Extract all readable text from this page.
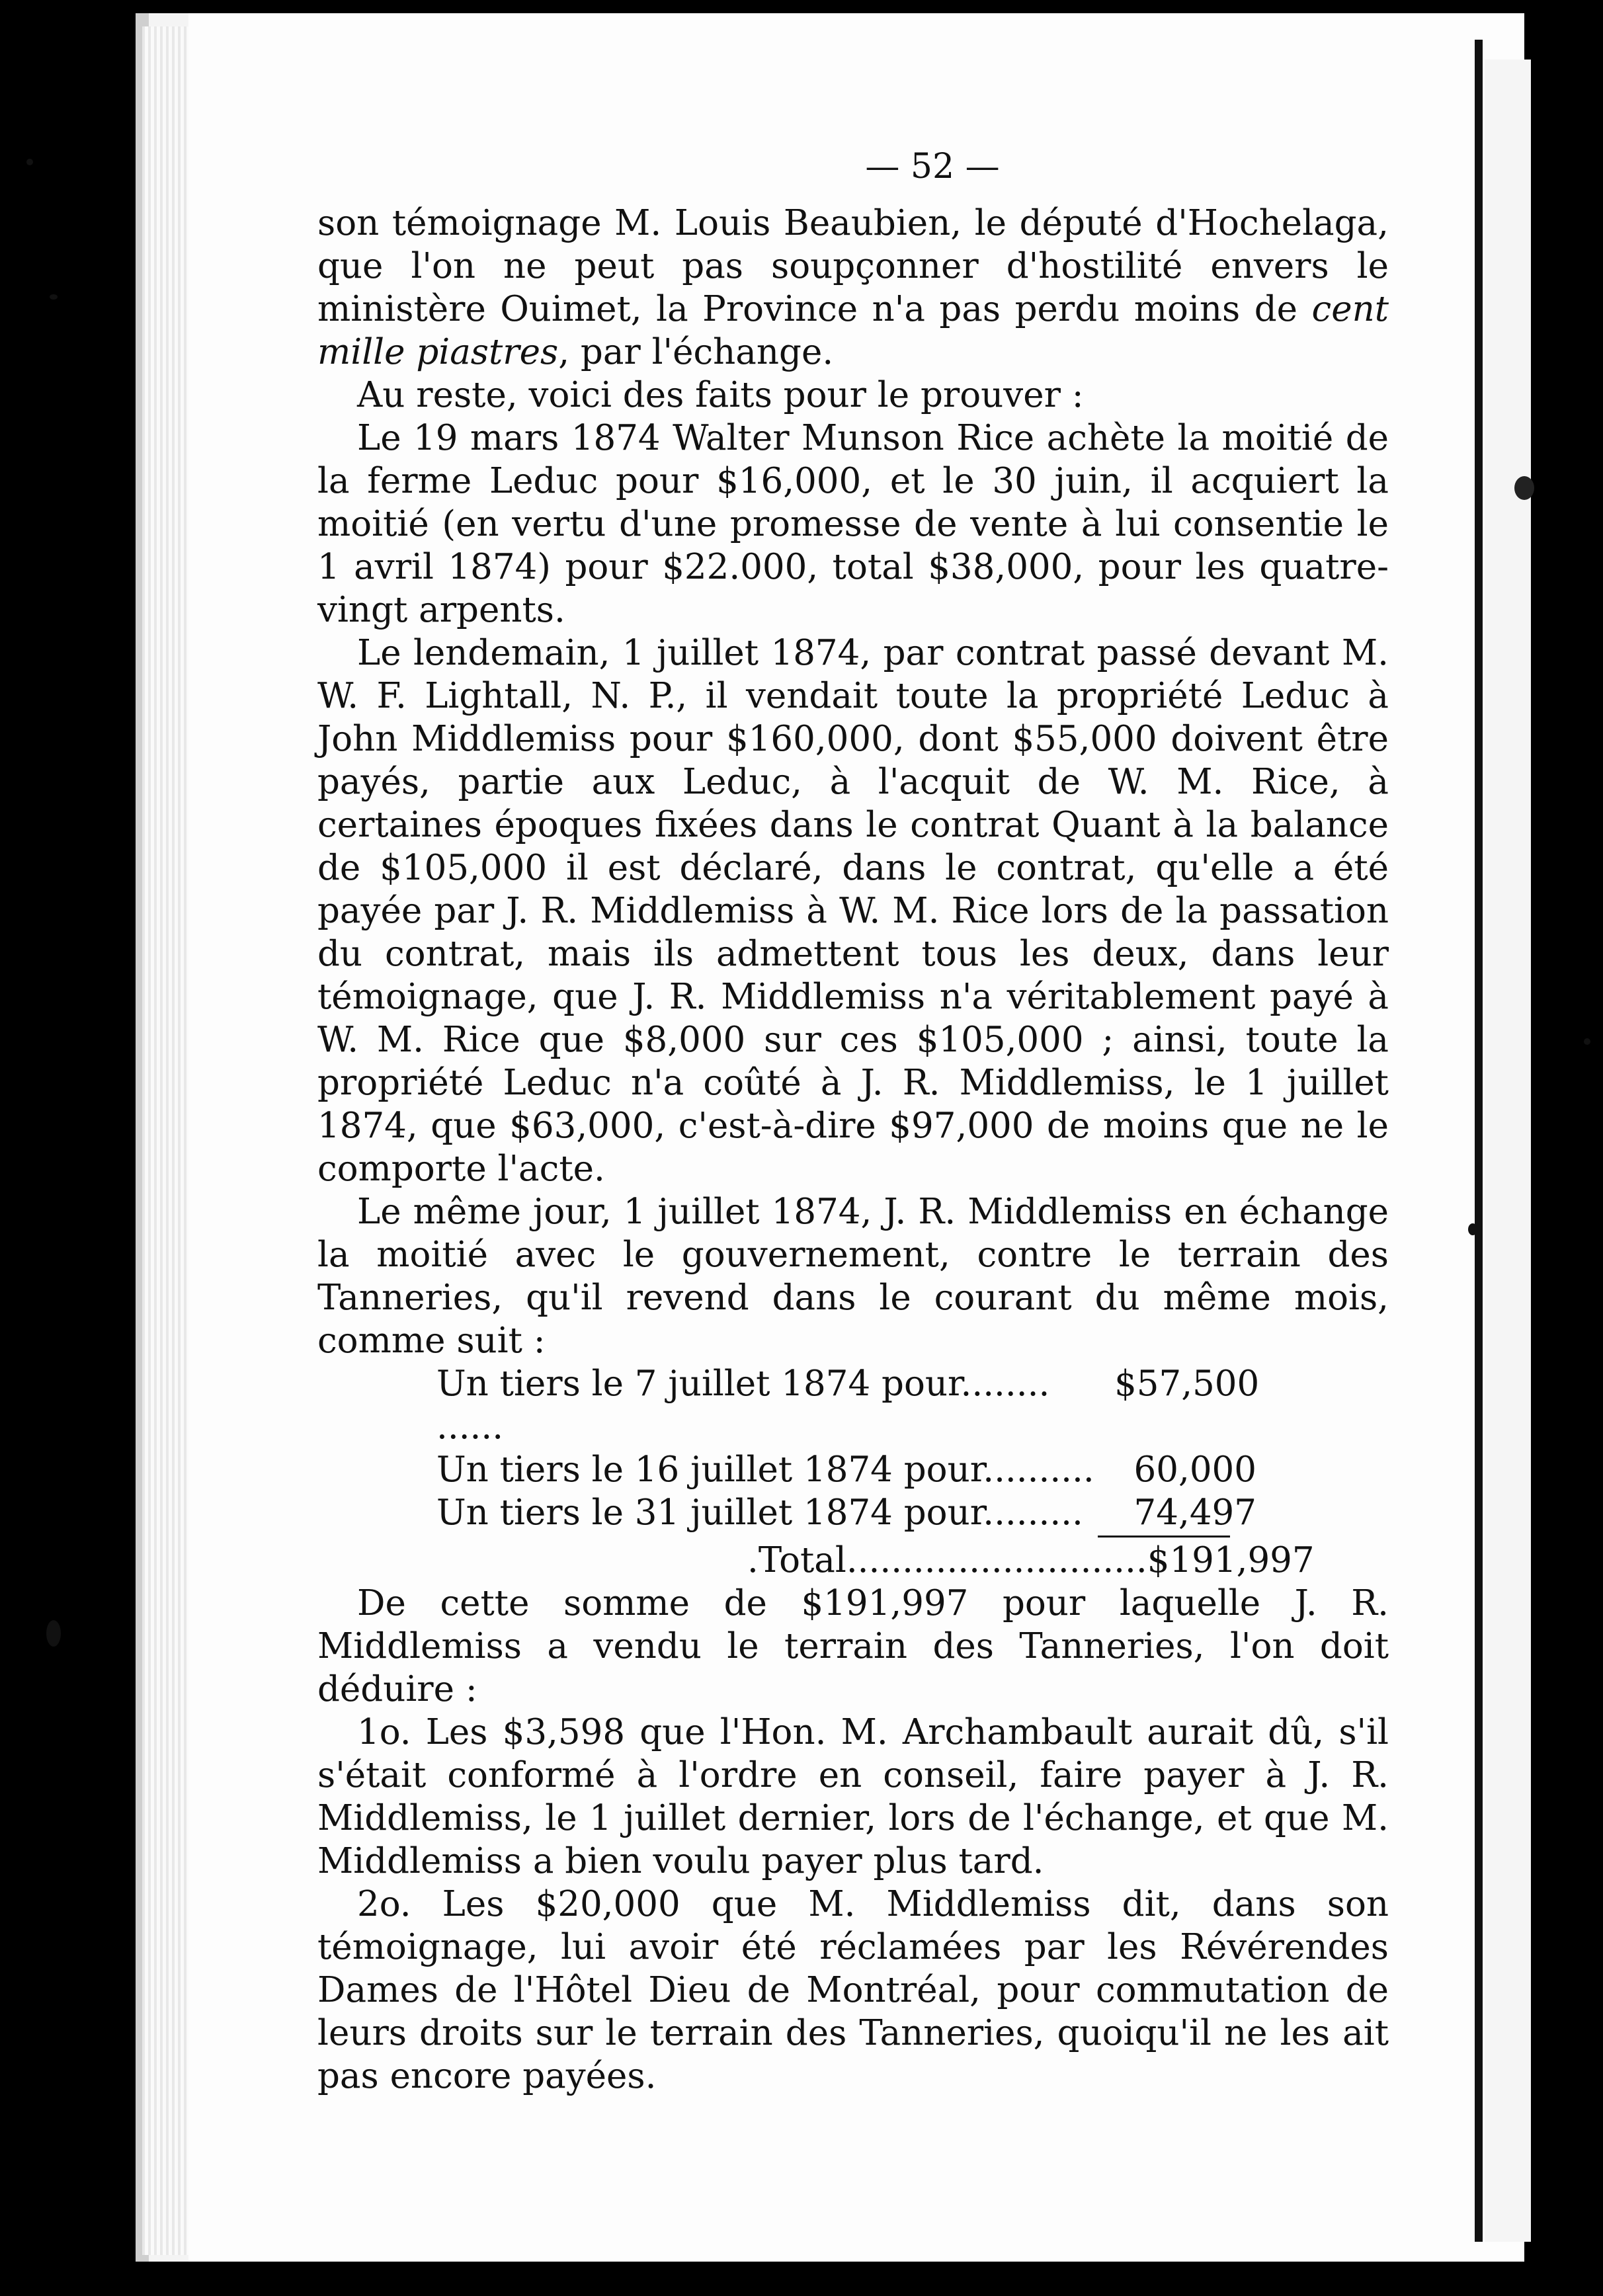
— 52 —

son témoignage M. Louis Beaubien, le député d'Hochelaga, que l'on ne peut pas soupçonner d'hostilité envers le ministère Ouimet, la Province n'a pas perdu moins de cent mille piastres, par l'échange.

Au reste, voici des faits pour le prouver :

Le 19 mars 1874 Walter Munson Rice achète la moitié de la ferme Leduc pour $16,000, et le 30 juin, il acquiert la moitié (en vertu d'une promesse de vente à lui consentie le 1 avril 1874) pour $22.000, total $38,000, pour les quatre-vingt arpents.

Le lendemain, 1 juillet 1874, par contrat passé devant M. W. F. Lightall, N. P., il vendait toute la propriété Leduc à John Middlemiss pour $160,000, dont $55,000 doivent être payés, partie aux Leduc, à l'acquit de W. M. Rice, à certaines époques fixées dans le contrat Quant à la balance de $105,000 il est déclaré, dans le contrat, qu'elle a été payée par J. R. Middlemiss à W. M. Rice lors de la passation du contrat, mais ils admettent tous les deux, dans leur témoignage, que J. R. Middlemiss n'a véritablement payé à W. M. Rice que $8,000 sur ces $105,000 ; ainsi, toute la propriété Leduc n'a coûté à J. R. Middlemiss, le 1 juillet 1874, que $63,000, c'est-à-dire $97,000 de moins que ne le comporte l'acte.

Le même jour, 1 juillet 1874, J. R. Middlemiss en échange la moitié avec le gouvernement, contre le terrain des Tanneries, qu'il revend dans le courant du même mois, comme suit :

Un tiers le 7 juillet 1874 pour........ ......
$57,500
Un tiers le 16 juillet 1874 pour.......... 60,000
Un tiers le 31 juillet 1874 pour......... 74,497
.Total........................... $191,997

De cette somme de $191,997 pour laquelle J. R. Middlemiss a vendu le terrain des Tanneries, l'on doit déduire :

1o. Les $3,598 que l'Hon. M. Archambault aurait dû, s'il s'était conformé à l'ordre en conseil, faire payer à J. R. Middlemiss, le 1 juillet dernier, lors de l'échange, et que M. Middlemiss a bien voulu payer plus tard.

2o. Les $20,000 que M. Middlemiss dit, dans son témoignage, lui avoir été réclamées par les Révérendes Dames de l'Hôtel Dieu de Montréal, pour commutation de leurs droits sur le terrain des Tanneries, quoiqu'il ne les ait pas encore payées.
